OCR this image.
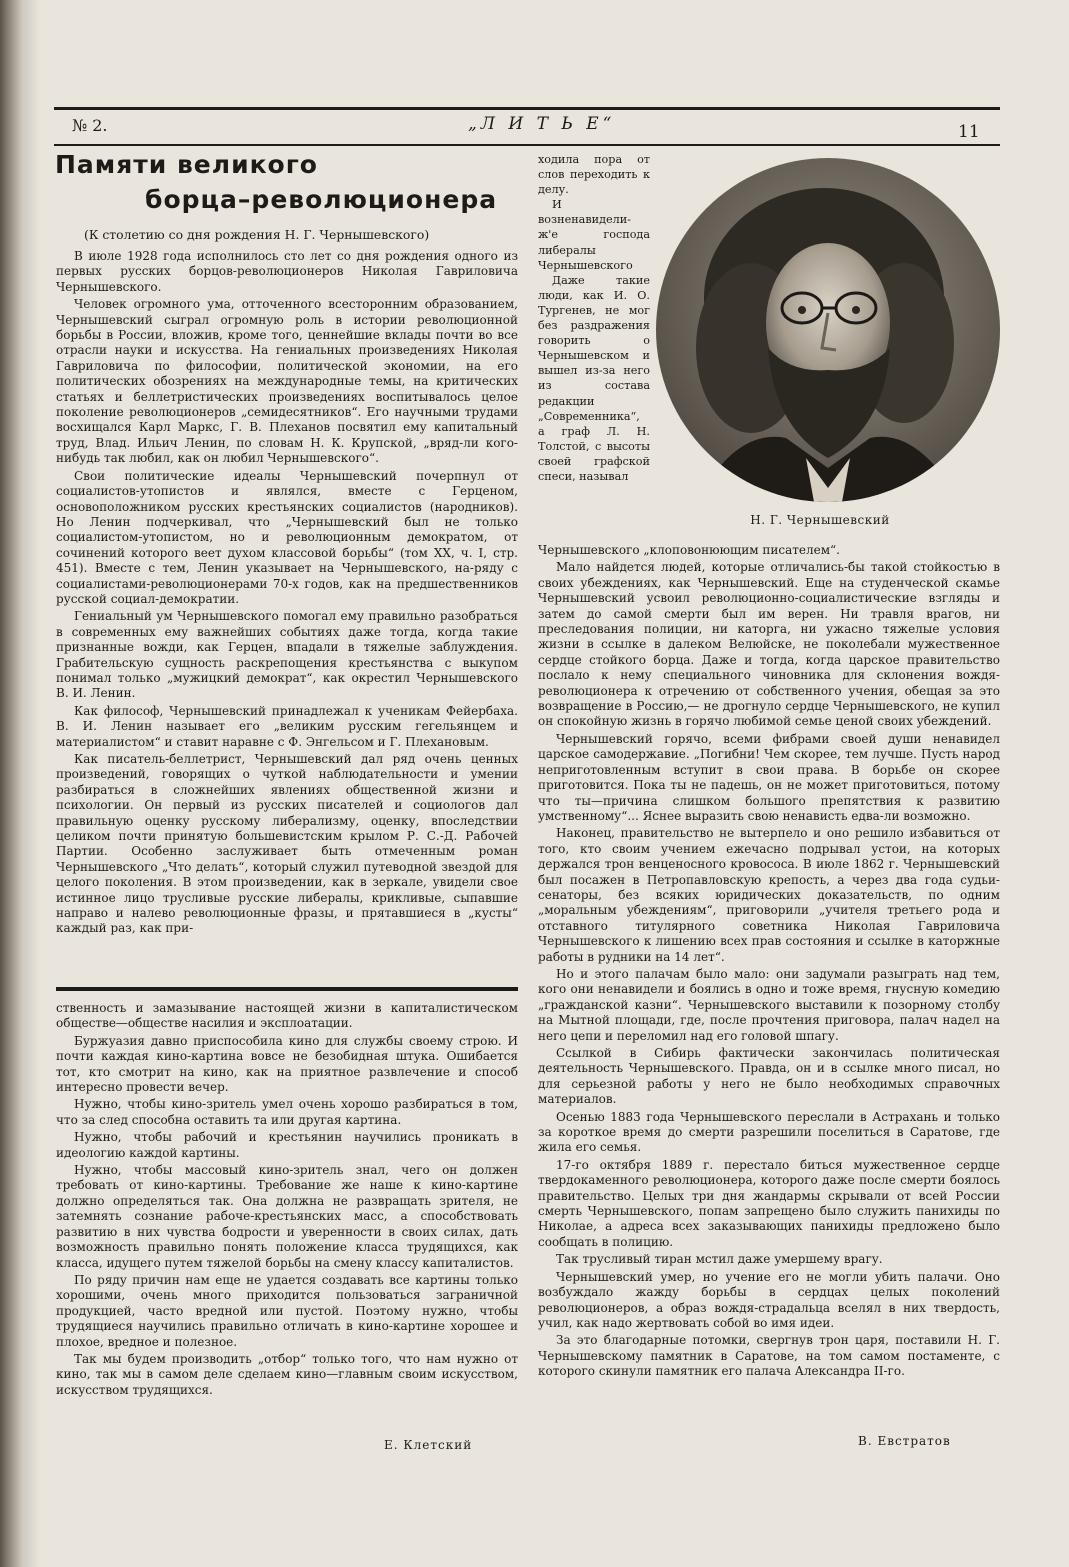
№ 2.	„Л И Т Ь Е“	11
Памяти великого
борца–революционера
(К столетию со дня рождения Н. Г. Чернышевского)

В июле 1928 года исполнилось сто лет со дня рождения одного из первых русских борцов-революционеров Николая Гавриловича Чернышевского.

Человек огромного ума, отточенного всесторонним образованием, Чернышевский сыграл огромную роль в истории революционной борьбы в России, вложив, кроме того, ценнейшие вклады почти во все отрасли науки и искусства. На гениальных произведениях Николая Гавриловича по философии, политической экономии, на его политических обозрениях на международные темы, на критических статьях и беллетристических произведениях воспитывалось целое поколение революционеров „семидесятников“. Его научными трудами восхищался Карл Маркс, Г. В. Плеханов посвятил ему капитальный труд, Влад. Ильич Ленин, по словам Н. К. Крупской, „вряд-ли кого-нибудь так любил, как он любил Чернышевского“.

Свои политические идеалы Чернышевский почерпнул от социалистов-утопистов и являлся, вместе с Герценом, основоположником русских крестьянских социалистов (народников). Но Ленин подчеркивал, что „Чернышевский был не только социалистом-утопистом, но и революционным демократом, от сочинений которого веет духом классовой борьбы“ (том XX, ч. I, стр. 451). Вместе с тем, Ленин указывает на Чернышевского, на-ряду с социалистами-революционерами 70-х годов, как на предшественников русской социал-демократии.

Гениальный ум Чернышевского помогал ему правильно разобраться в современных ему важнейших событиях даже тогда, когда такие признанные вожди, как Герцен, впадали в тяжелые заблуждения. Грабительскую сущность раскрепощения крестьянства с выкупом понимал только „мужицкий демократ“, как окрестил Чернышевского В. И. Ленин.

Как философ, Чернышевский принадлежал к ученикам Фейербаха. В. И. Ленин называет его „великим русским гегельянцем и материалистом“ и ставит наравне с Ф. Энгельсом и Г. Плехановым.

Как писатель-беллетрист, Чернышевский дал ряд очень ценных произведений, говорящих о чуткой наблюдательности и умении разбираться в сложнейших явлениях общественной жизни и психологии. Он первый из русских писателей и социологов дал правильную оценку русскому либерализму, оценку, впоследствии целиком почти принятую большевистским крылом Р. С.-Д. Рабочей Партии. Особенно заслуживает быть отмеченным роман Чернышевского „Что делать“, который служил путеводной звездой для целого поколения. В этом произведении, как в зеркале, увидели свое истинное лицо трусливые русские либералы, крикливые, сыпавшие направо и налево революционные фразы, и прятавшиеся в „кусты“ каждый раз, как при-

ходила пора от слов переходить к делу.

И возненавидели-ж'е господа либералы Чернышевского

Даже такие люди, как И. О. Тургенев, не мог без раздражения говорить о Чернышевском и вышел из-за него из состава редакции „Современника“, а граф Л. Н. Толстой, с высоты своей графской спеси, называл

Н. Г. Чернышевский

Чернышевского „клоповонюющим писателем“.

Мало найдется людей, которые отличались-бы такой стойкостью в своих убеждениях, как Чернышевский. Еще на студенческой скамье Чернышевский усвоил революционно-социалистические взгляды и затем до самой смерти был им верен. Ни травля врагов, ни преследования полиции, ни каторга, ни ужасно тяжелые условия жизни в ссылке в далеком Велюйске, не поколебали мужественное сердце стойкого борца. Даже и тогда, когда царское правительство послало к нему специального чиновника для склонения вождя-революционера к отречению от собственного учения, обещая за это возвращение в Россию,— не дрогнуло сердце Чернышевского, не купил он спокойную жизнь в горячо любимой семье ценой своих убеждений.

Чернышевский горячо, всеми фибрами своей души ненавидел царское самодержавие. „Погибни! Чем скорее, тем лучше. Пусть народ неприготовленным вступит в свои права. В борьбе он скорее приготовится. Пока ты не падешь, он не может приготовиться, потому что ты—причина слишком большого препятствия к развитию умственному“... Яснее выразить свою ненависть едва-ли возможно.

Наконец, правительство не вытерпело и оно решило избавиться от того, кто своим учением ежечасно подрывал устои, на которых держался трон венценосного кровососа. В июле 1862 г. Чернышевский был посажен в Петропавловскую крепость, а через два года судьи-сенаторы, без всяких юридических доказательств, по одним „моральным убеждениям“, приговорили „учителя третьего рода и отставного титулярного советника Николая Гавриловича Чернышевского к лишению всех прав состояния и ссылке в каторжные работы в рудники на 14 лет“.

Но и этого палачам было мало: они задумали разыграть над тем, кого они ненавидели и боялись в одно и тоже время, гнусную комедию „гражданской казни“. Чернышевского выставили к позорному столбу на Мытной площади, где, после прочтения приговора, палач надел на него цепи и переломил над его головой шпагу.

Ссылкой в Сибирь фактически закончилась политическая деятельность Чернышевского. Правда, он и в ссылке много писал, но для серьезной работы у него не было необходимых справочных материалов.

Осенью 1883 года Чернышевского переслали в Астрахань и только за короткое время до смерти разрешили поселиться в Саратове, где жила его семья.

17-го октября 1889 г. перестало биться мужественное сердце твердокаменного революционера, которого даже после смерти боялось правительство. Целых три дня жандармы скрывали от всей России смерть Чернышевского, попам запрещено было служить панихиды по Николае, а адреса всех заказывающих панихиды предложено было сообщать в полицию.

Так трусливый тиран мстил даже умершему врагу.

Чернышевский умер, но учение его не могли убить палачи. Оно возбуждало жажду борьбы в сердцах целых поколений революционеров, а образ вождя-страдальца вселял в них твердость, учил, как надо жертвовать собой во имя идеи.

За это благодарные потомки, свергнув трон царя, поставили Н. Г. Чернышевскому памятник в Саратове, на том самом постаменте, с которого скинули памятник его палача Александра II-го.

В. Евстратов

ственность и замазывание настоящей жизни в капиталистическом обществе—обществе насилия и эксплоатации.

Буржуазия давно приспособила кино для службы своему строю. И почти каждая кино-картина вовсе не безобидная штука. Ошибается тот, кто смотрит на кино, как на приятное развлечение и способ интересно провести вечер.

Нужно, чтобы кино-зритель умел очень хорошо разбираться в том, что за след способна оставить та или другая картина.

Нужно, чтобы рабочий и крестьянин научились проникать в идеологию каждой картины.

Нужно, чтобы массовый кино-зритель знал, чего он должен требовать от кино-картины. Требование же наше к кино-картине должно определяться так. Она должна не развращать зрителя, не затемнять сознание рабоче-крестьянских масс, а способствовать развитию в них чувства бодрости и уверенности в своих силах, дать возможность правильно понять положение класса трудящихся, как класса, идущего путем тяжелой борьбы на смену классу капиталистов.

По ряду причин нам еще не удается создавать все картины только хорошими, очень много приходится пользоваться заграничной продукцией, часто вредной или пустой. Поэтому нужно, чтобы трудящиеся научились правильно отличать в кино-картине хорошее и плохое, вредное и полезное.

Так мы будем производить „отбор“ только того, что нам нужно от кино, так мы в самом деле сделаем кино—главным своим искусством, искусством трудящихся.

Е. Клетский
